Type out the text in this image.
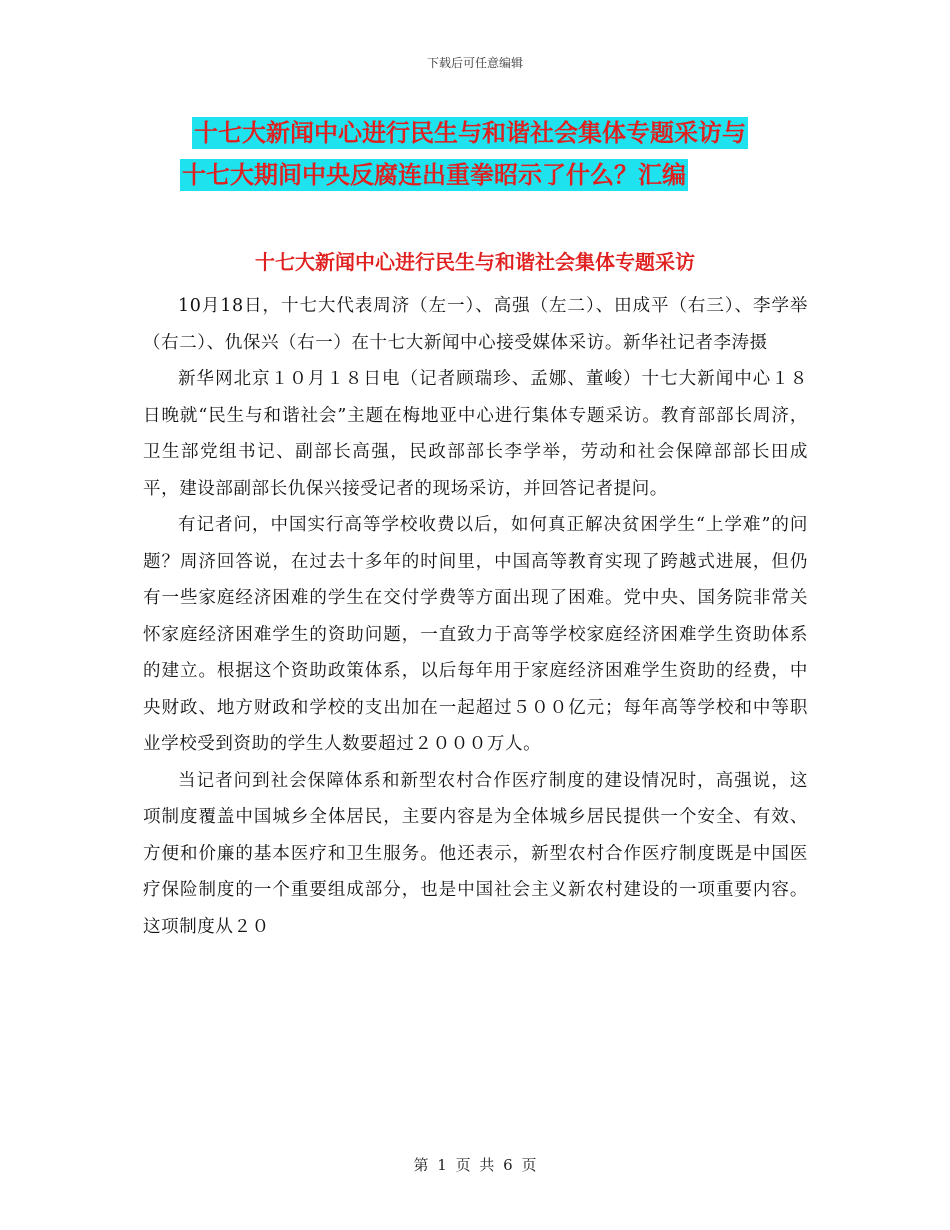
下载后可任意编辑
十七大新闻中心进行民生与和谐社会集体专题采访与
十七大期间中央反腐连出重拳昭示了什么？汇编
十七大新闻中心进行民生与和谐社会集体专题采访

10月18日，十七大代表周济（左一）、高强（左二）、田成平（右三）、李学举（右二）、仇保兴（右一）在十七大新闻中心接受媒体采访。新华社记者李涛摄

新华网北京１０月１８日电（记者顾瑞珍、孟娜、董峻）十七大新闻中心１８日晚就“民生与和谐社会”主题在梅地亚中心进行集体专题采访。教育部部长周济，卫生部党组书记、副部长高强，民政部部长李学举，劳动和社会保障部部长田成平，建设部副部长仇保兴接受记者的现场采访，并回答记者提问。

有记者问，中国实行高等学校收费以后，如何真正解决贫困学生“上学难”的问题？周济回答说，在过去十多年的时间里，中国高等教育实现了跨越式进展，但仍有一些家庭经济困难的学生在交付学费等方面出现了困难。党中央、国务院非常关怀家庭经济困难学生的资助问题，一直致力于高等学校家庭经济困难学生资助体系的建立。根据这个资助政策体系，以后每年用于家庭经济困难学生资助的经费，中央财政、地方财政和学校的支出加在一起超过５００亿元；每年高等学校和中等职业学校受到资助的学生人数要超过２０００万人。

当记者问到社会保障体系和新型农村合作医疗制度的建设情况时，高强说，这项制度覆盖中国城乡全体居民，主要内容是为全体城乡居民提供一个安全、有效、方便和价廉的基本医疗和卫生服务。他还表示，新型农村合作医疗制度既是中国医疗保险制度的一个重要组成部分，也是中国社会主义新农村建设的一项重要内容。这项制度从２０

第 1 页 共 6 页
